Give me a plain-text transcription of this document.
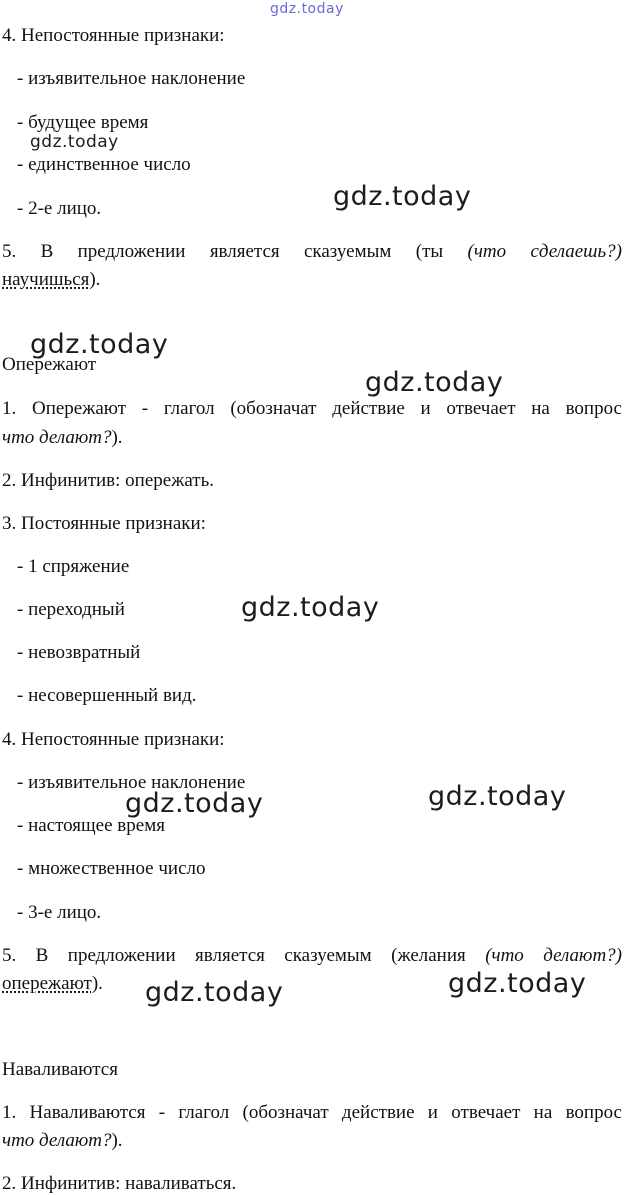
gdz.today
4. Непостоянные признаки:
- изъявительное наклонение
- будущее время
gdz.today
- единственное число
gdz.today
- 2-е лицо.
5. В предложении является сказуемым (ты (что сделаешь?)
научишься).
gdz.today
Опережают
gdz.today
1. Опережают - глагол (обозначат действие и отвечает на вопрос
что делают?).
2. Инфинитив: опережать.
3. Постоянные признаки:
- 1 спряжение
gdz.today
- переходный
- невозвратный
- несовершенный вид.
4. Непостоянные признаки:
- изъявительное наклонение	gdz.today
gdz.today
- настоящее время
- множественное число
- 3-е лицо.
5. В предложении является сказуемым (желания (что делают?)
gdz.today
опережают). gdz.today
Наваливаются
1. Наваливаются - глагол (обозначат действие и отвечает на вопрос
что делают?).
2. Инфинитив: наваливаться.
